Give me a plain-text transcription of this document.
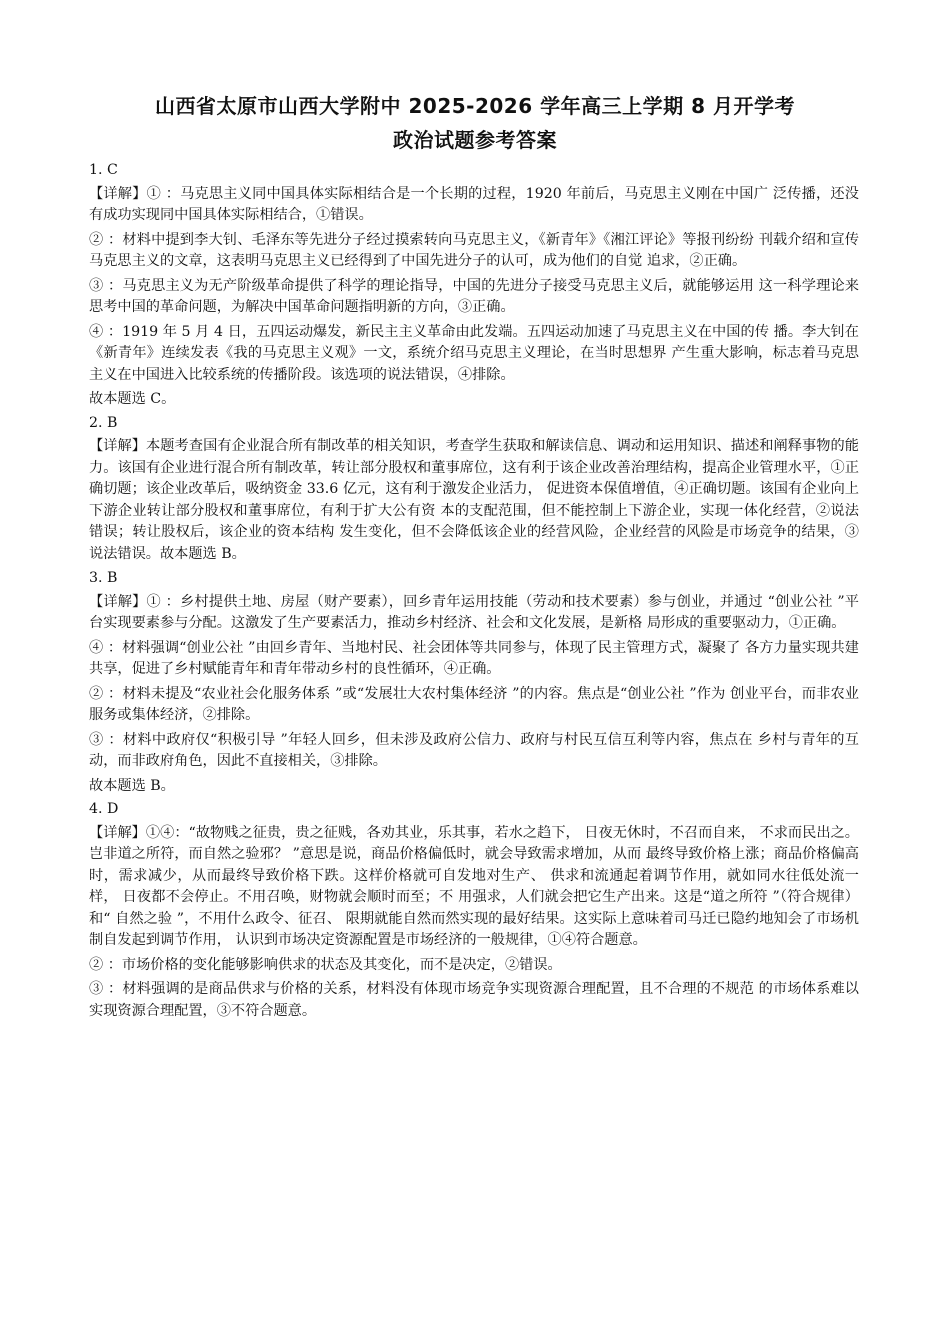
山西省太原市山西大学附中 2025-2026 学年高三上学期 8 月开学考
政治试题参考答案
1. C

【详解】① ：马克思主义同中国具体实际相结合是一个长期的过程，1920 年前后，马克思主义刚在中国广 泛传播，还没有成功实现同中国具体实际相结合，①错误。

② ：材料中提到李大钊、毛泽东等先进分子经过摸索转向马克思主义，《新青年》《湘江评论》等报刊纷纷 刊载介绍和宣传马克思主义的文章，这表明马克思主义已经得到了中国先进分子的认可，成为他们的自觉 追求，②正确。

③ ：马克思主义为无产阶级革命提供了科学的理论指导，中国的先进分子接受马克思主义后，就能够运用 这一科学理论来思考中国的革命问题，为解决中国革命问题指明新的方向，③正确。

④ ：1919 年 5 月 4 日，五四运动爆发，新民主主义革命由此发端。五四运动加速了马克思主义在中国的传 播。李大钊在《新青年》连续发表《我的马克思主义观》一文，系统介绍马克思主义理论，在当时思想界 产生重大影响，标志着马克思主义在中国进入比较系统的传播阶段。该选项的说法错误，④排除。

故本题选 C。
2. B

【详解】本题考查国有企业混合所有制改革的相关知识，考查学生获取和解读信息、调动和运用知识、描述和阐释事物的能力。该国有企业进行混合所有制改革，转让部分股权和董事席位，这有利于该企业改善治理结构，提高企业管理水平，①正确切题；该企业改革后，吸纳资金 33.6 亿元，这有利于激发企业活力， 促进资本保值增值，④正确切题。该国有企业向上下游企业转让部分股权和董事席位，有利于扩大公有资 本的支配范围，但不能控制上下游企业，实现一体化经营，②说法错误；转让股权后，该企业的资本结构 发生变化，但不会降低该企业的经营风险，企业经营的风险是市场竞争的结果，③说法错误。故本题选 B。

3. B

【详解】① ：乡村提供土地、房屋（财产要素），回乡青年运用技能（劳动和技术要素）参与创业，并通过 “创业公社 ”平台实现要素参与分配。这激发了生产要素活力，推动乡村经济、社会和文化发展，是新格 局形成的重要驱动力，①正确。

④ ：材料强调“创业公社 ”由回乡青年、当地村民、社会团体等共同参与，体现了民主管理方式，凝聚了 各方力量实现共建共享，促进了乡村赋能青年和青年带动乡村的良性循环，④正确。

② ：材料未提及“农业社会化服务体系 ”或“发展壮大农村集体经济 ”的内容。焦点是“创业公社 ”作为 创业平台，而非农业服务或集体经济，②排除。

③ ：材料中政府仅“积极引导 ”年轻人回乡，但未涉及政府公信力、政府与村民互信互利等内容，焦点在 乡村与青年的互动，而非政府角色，因此不直接相关，③排除。

故本题选 B。
4. D

【详解】①④：“故物贱之征贵，贵之征贱，各劝其业，乐其事，若水之趋下， 日夜无休时，不召而自来， 不求而民出之。 岂非道之所符，而自然之验邪？ ”意思是说，商品价格偏低时，就会导致需求增加，从而 最终导致价格上涨；商品价格偏高时，需求减少，从而最终导致价格下跌。这样价格就可自发地对生产、 供求和流通起着调节作用，就如同水往低处流一样， 日夜都不会停止。不用召唤，财物就会顺时而至；不 用强求，人们就会把它生产出来。这是“道之所符 ”（符合规律）和“ 自然之验 ”，不用什么政令、征召、 限期就能自然而然实现的最好结果。这实际上意味着司马迁已隐约地知会了市场机制自发起到调节作用， 认识到市场决定资源配置是市场经济的一般规律，①④符合题意。

② ：市场价格的变化能够影响供求的状态及其变化，而不是决定，②错误。

③ ：材料强调的是商品供求与价格的关系，材料没有体现市场竞争实现资源合理配置，且不合理的不规范 的市场体系难以实现资源合理配置，③不符合题意。
